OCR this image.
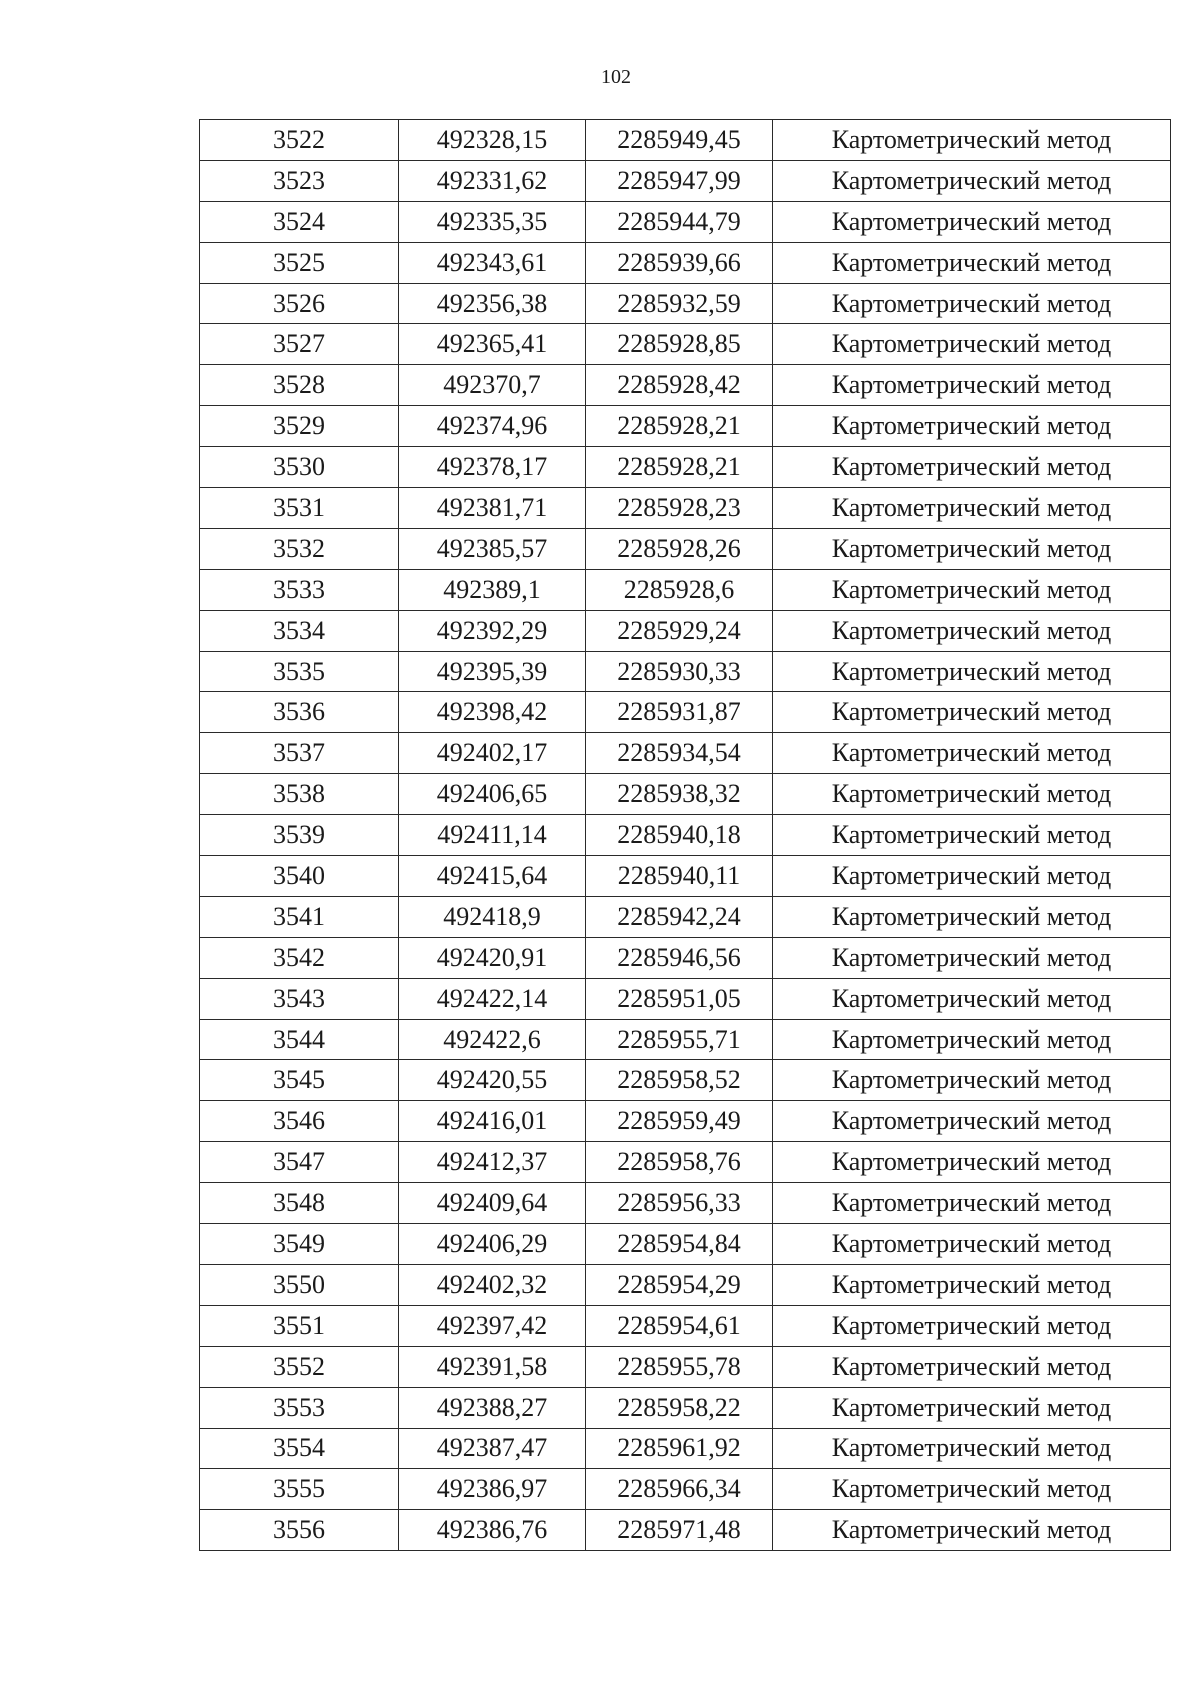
102
3522	492328,15	2285949,45	Картометрический метод
3523	492331,62	2285947,99	Картометрический метод
3524	492335,35	2285944,79	Картометрический метод
3525	492343,61	2285939,66	Картометрический метод
3526	492356,38	2285932,59	Картометрический метод
3527	492365,41	2285928,85	Картометрический метод
3528	492370,7	2285928,42	Картометрический метод
3529	492374,96	2285928,21	Картометрический метод
3530	492378,17	2285928,21	Картометрический метод
3531	492381,71	2285928,23	Картометрический метод
3532	492385,57	2285928,26	Картометрический метод
3533	492389,1	2285928,6	Картометрический метод
3534	492392,29	2285929,24	Картометрический метод
3535	492395,39	2285930,33	Картометрический метод
3536	492398,42	2285931,87	Картометрический метод
3537	492402,17	2285934,54	Картометрический метод
3538	492406,65	2285938,32	Картометрический метод
3539	492411,14	2285940,18	Картометрический метод
3540	492415,64	2285940,11	Картометрический метод
3541	492418,9	2285942,24	Картометрический метод
3542	492420,91	2285946,56	Картометрический метод
3543	492422,14	2285951,05	Картометрический метод
3544	492422,6	2285955,71	Картометрический метод
3545	492420,55	2285958,52	Картометрический метод
3546	492416,01	2285959,49	Картометрический метод
3547	492412,37	2285958,76	Картометрический метод
3548	492409,64	2285956,33	Картометрический метод
3549	492406,29	2285954,84	Картометрический метод
3550	492402,32	2285954,29	Картометрический метод
3551	492397,42	2285954,61	Картометрический метод
3552	492391,58	2285955,78	Картометрический метод
3553	492388,27	2285958,22	Картометрический метод
3554	492387,47	2285961,92	Картометрический метод
3555	492386,97	2285966,34	Картометрический метод
3556	492386,76	2285971,48	Картометрический метод
